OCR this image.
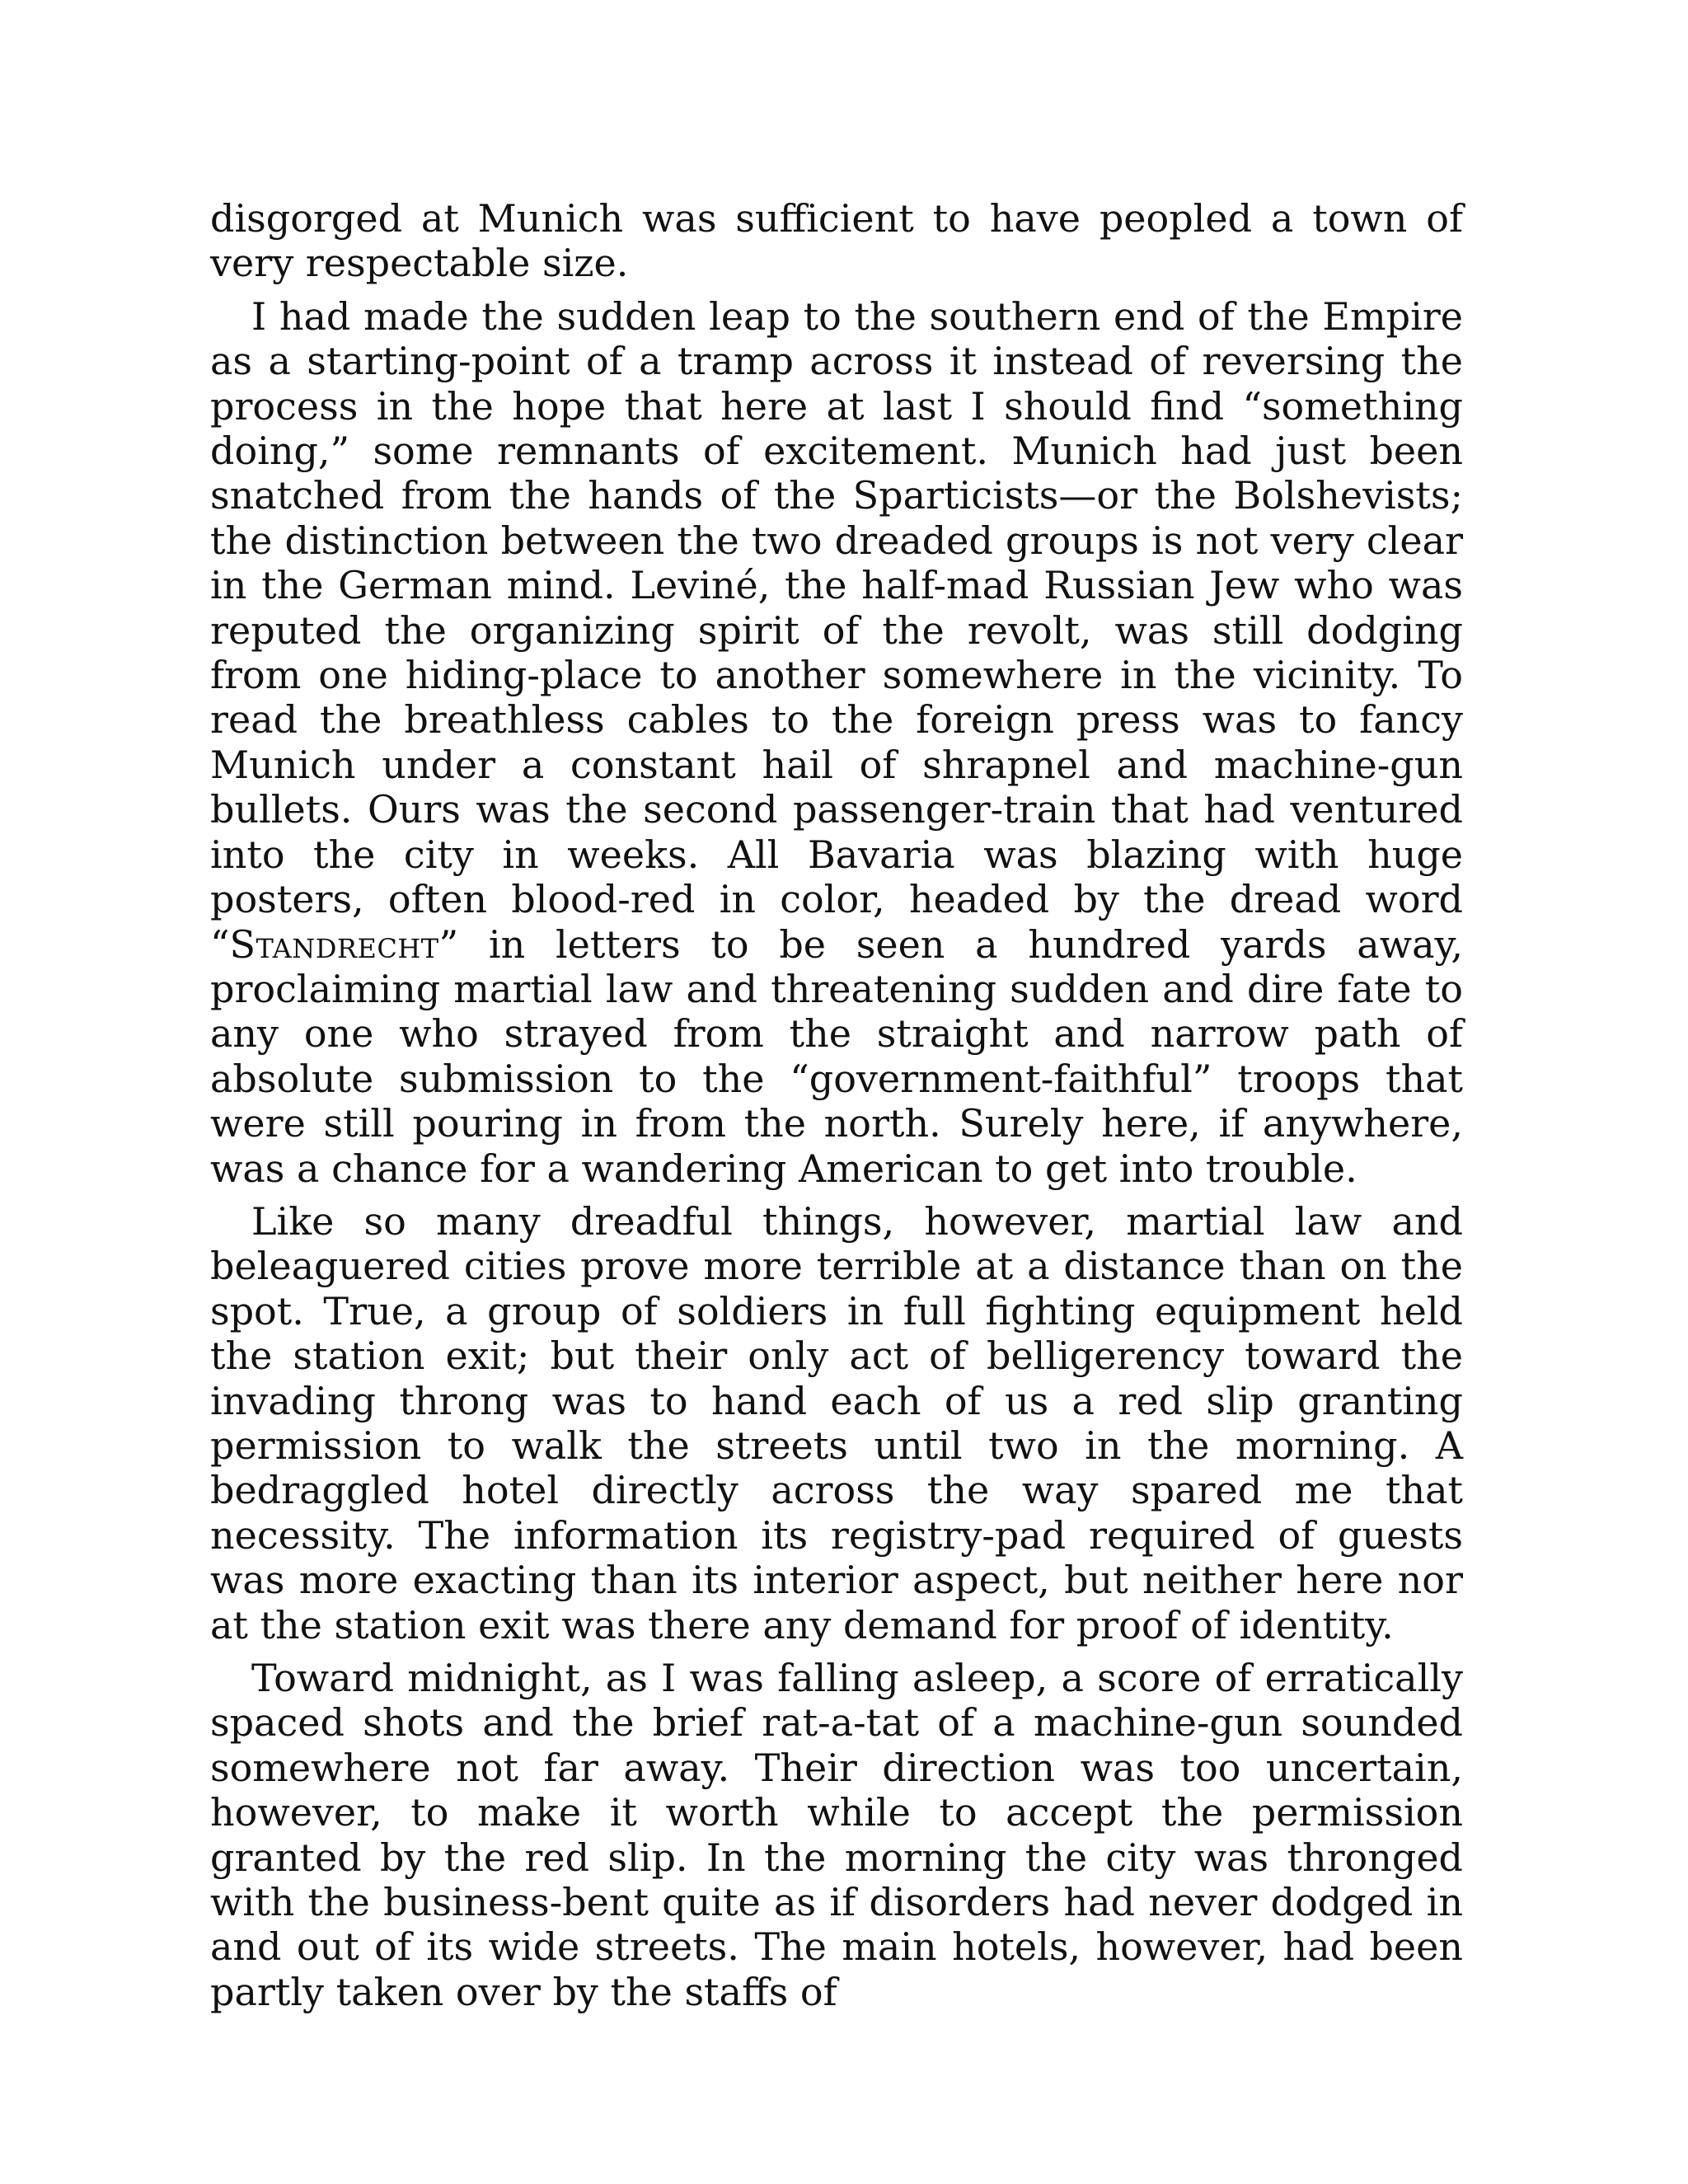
disgorged at Munich was sufficient to have peopled a town of very respectable size.

I had made the sudden leap to the southern end of the Empire as a starting-point of a tramp across it instead of reversing the process in the hope that here at last I should find “something doing,” some remnants of excitement. Munich had just been snatched from the hands of the Sparticists—or the Bolshevists; the distinction between the two dreaded groups is not very clear in the German mind. Leviné, the half-mad Russian Jew who was reputed the organizing spirit of the revolt, was still dodging from one hiding-place to another somewhere in the vicinity. To read the breathless cables to the foreign press was to fancy Munich under a constant hail of shrapnel and machine-gun bullets. Ours was the second passenger-train that had ventured into the city in weeks. All Bavaria was blazing with huge posters, often blood-red in color, headed by the dread word “Standrecht” in letters to be seen a hundred yards away, proclaiming martial law and threatening sudden and dire fate to any one who strayed from the straight and narrow path of absolute submission to the “government-faithful” troops that were still pouring in from the north. Surely here, if anywhere, was a chance for a wandering American to get into trouble.

Like so many dreadful things, however, martial law and beleaguered cities prove more terrible at a distance than on the spot. True, a group of soldiers in full fighting equipment held the station exit; but their only act of belligerency toward the invading throng was to hand each of us a red slip granting permission to walk the streets until two in the morning. A bedraggled hotel directly across the way spared me that necessity. The information its registry-pad required of guests was more exacting than its interior aspect, but neither here nor at the station exit was there any demand for proof of identity.

Toward midnight, as I was falling asleep, a score of erratically spaced shots and the brief rat-a-tat of a machine-gun sounded somewhere not far away. Their direction was too uncertain, however, to make it worth while to accept the permission granted by the red slip. In the morning the city was thronged with the business-bent quite as if disorders had never dodged in and out of its wide streets. The main hotels, however, had been partly taken over by the staffs of
